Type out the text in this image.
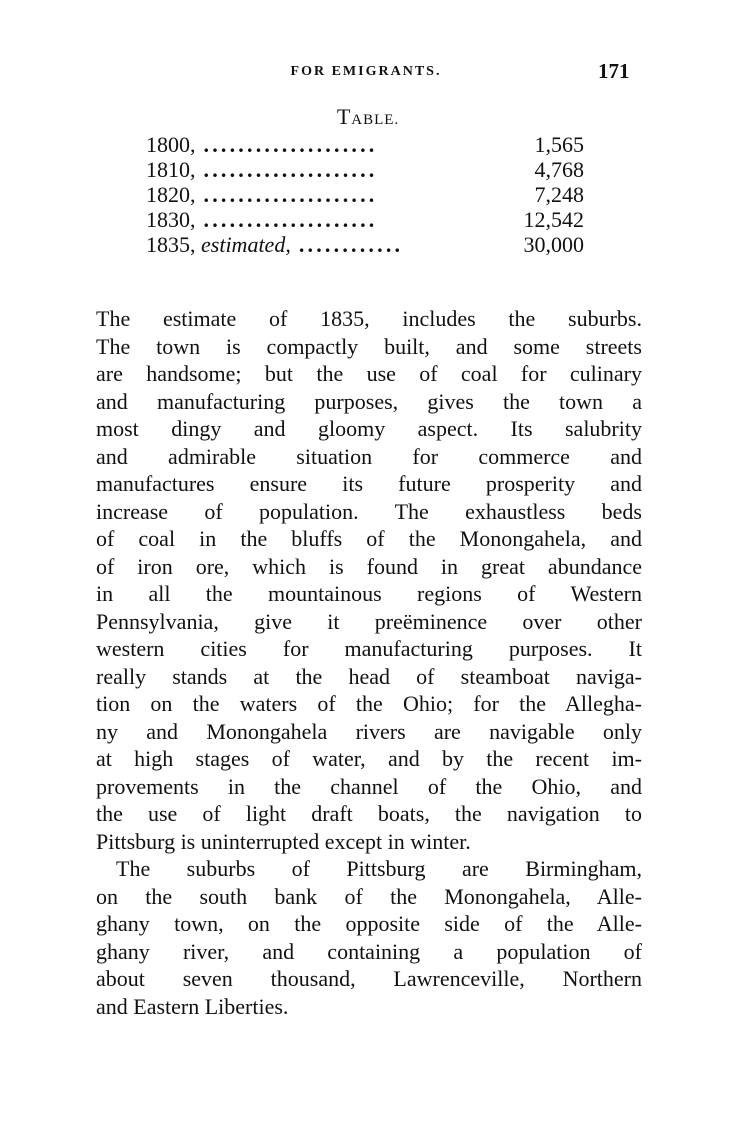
FOR EMIGRANTS.	171
TABLE.
1800, ....................	1,565
1810, ....................	4,768
1820, ....................	7,248
1830, ....................	12,542
1835, estimated, ............	30,000
The estimate of 1835, includes the suburbs.
The town is compactly built, and some streets
are handsome; but the use of coal for culinary
and manufacturing purposes, gives the town a
most dingy and gloomy aspect. Its salubrity
and admirable situation for commerce and
manufactures ensure its future prosperity and
increase of population. The exhaustless beds
of coal in the bluffs of the Monongahela, and
of iron ore, which is found in great abundance
in all the mountainous regions of Western
Pennsylvania, give it preëminence over other
western cities for manufacturing purposes. It
really stands at the head of steamboat naviga-
tion on the waters of the Ohio; for the Allegha-
ny and Monongahela rivers are navigable only
at high stages of water, and by the recent im-
provements in the channel of the Ohio, and
the use of light draft boats, the navigation to
Pittsburg is uninterrupted except in winter.
The suburbs of Pittsburg are Birmingham,
on the south bank of the Monongahela, Alle-
ghany town, on the opposite side of the Alle-
ghany river, and containing a population of
about seven thousand, Lawrenceville, Northern
and Eastern Liberties.
